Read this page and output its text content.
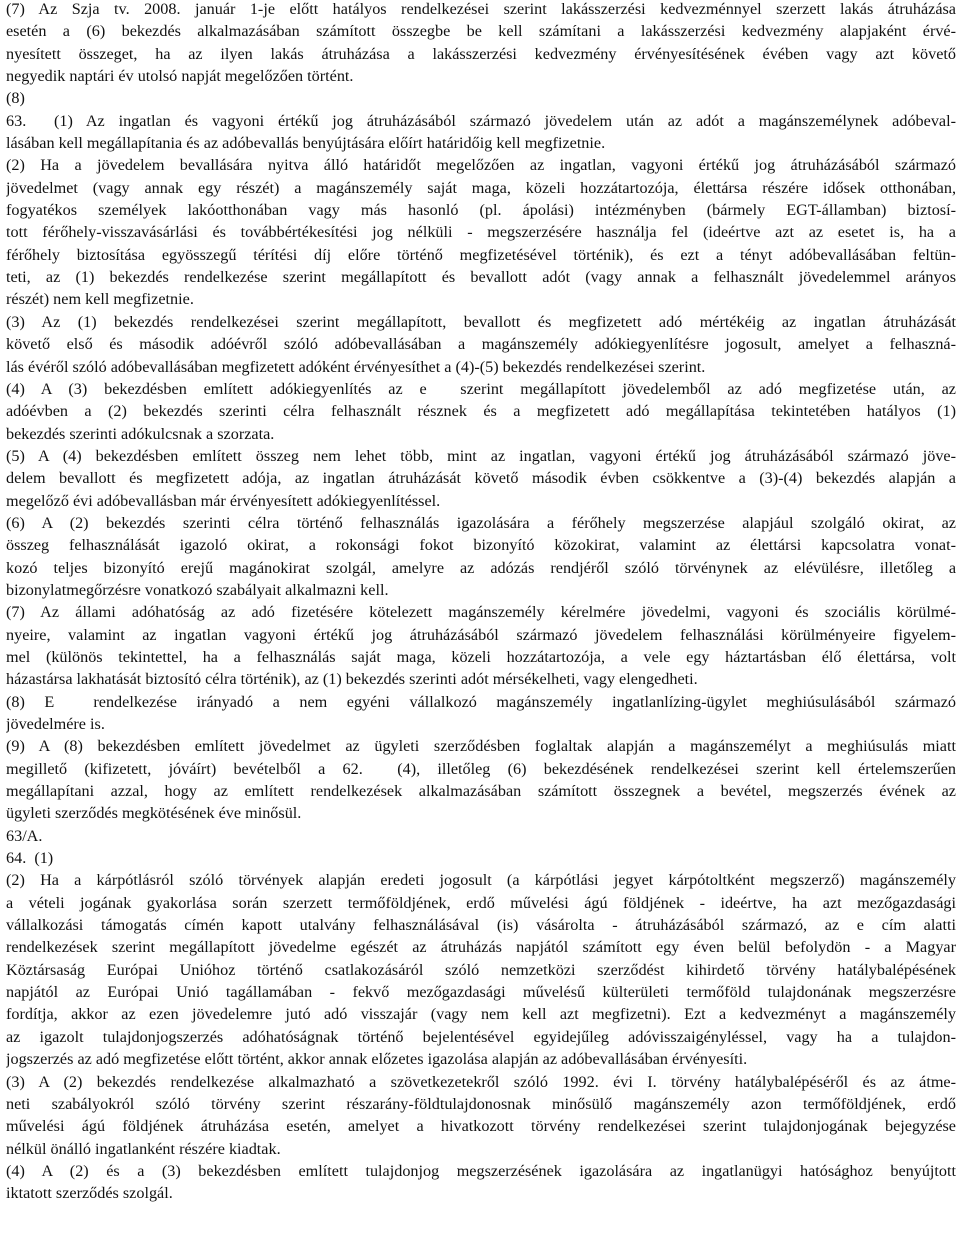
(7) Az Szja tv. 2008. január 1-je előtt hatályos rendelkezései szerint lakásszerzési kedvezménnyel szerzett lakás átruházása
esetén a (6) bekezdés alkalmazásában számított összegbe be kell számítani a lakásszerzési kedvezmény alapjaként érvé-
nyesített összeget, ha az ilyen lakás átruházása a lakásszerzési kedvezmény érvényesítésének évében vagy azt követő
negyedik naptári év utolsó napját megelőzően történt.
(8)
63.  (1) Az ingatlan és vagyoni értékű jog átruházásából származó jövedelem után az adót a magánszemélynek adóbeval-
lásában kell megállapítania és az adóbevallás benyújtására előírt határidőig kell megfizetnie.
(2) Ha a jövedelem bevallására nyitva álló határidőt megelőzően az ingatlan, vagyoni értékű jog átruházásából származó
jövedelmet (vagy annak egy részét) a magánszemély saját maga, közeli hozzátartozója, élettársa részére idősek otthonában,
fogyatékos személyek lakóotthonában vagy más hasonló (pl. ápolási) intézményben (bármely EGT-államban) biztosí-
tott férőhely-visszavásárlási és továbbértékesítési jog nélküli - megszerzésére használja fel (ideértve azt az esetet is, ha a
férőhely biztosítása egyösszegű térítési díj előre történő megfizetésével történik), és ezt a tényt adóbevallásában feltün-
teti, az (1) bekezdés rendelkezése szerint megállapított és bevallott adót (vagy annak a felhasznált jövedelemmel arányos
részét) nem kell megfizetnie.
(3) Az (1) bekezdés rendelkezései szerint megállapított, bevallott és megfizetett adó mértékéig az ingatlan átruházását
követő első és második adóévről szóló adóbevallásában a magánszemély adókiegyenlítésre jogosult, amelyet a felhaszná-
lás évéről szóló adóbevallásában megfizetett adóként érvényesíthet a (4)-(5) bekezdés rendelkezései szerint.
(4) A (3) bekezdésben említett adókiegyenlítés az e  szerint megállapított jövedelemből az adó megfizetése után, az
adóévben a (2) bekezdés szerinti célra felhasznált résznek és a megfizetett adó megállapítása tekintetében hatályos (1)
bekezdés szerinti adókulcsnak a szorzata.
(5) A (4) bekezdésben említett összeg nem lehet több, mint az ingatlan, vagyoni értékű jog átruházásából származó jöve-
delem bevallott és megfizetett adója, az ingatlan átruházását követő második évben csökkentve a (3)-(4) bekezdés alapján a
megelőző évi adóbevallásban már érvényesített adókiegyenlítéssel.
(6) A (2) bekezdés szerinti célra történő felhasználás igazolására a férőhely megszerzése alapjául szolgáló okirat, az
összeg felhasználását igazoló okirat, a rokonsági fokot bizonyító közokirat, valamint az élettársi kapcsolatra vonat-
kozó teljes bizonyító erejű magánokirat szolgál, amelyre az adózás rendjéről szóló törvénynek az elévülésre, illetőleg a
bizonylatmegőrzésre vonatkozó szabályait alkalmazni kell.
(7) Az állami adóhatóság az adó fizetésére kötelezett magánszemély kérelmére jövedelmi, vagyoni és szociális körülmé-
nyeire, valamint az ingatlan vagyoni értékű jog átruházásából származó jövedelem felhasználási körülményeire figyelem-
mel (különös tekintettel, ha a felhasználás saját maga, közeli hozzátartozója, a vele egy háztartásban élő élettársa, volt
házastársa lakhatását biztosító célra történik), az (1) bekezdés szerinti adót mérsékelheti, vagy elengedheti.
(8) E  rendelkezése irányadó a nem egyéni vállalkozó magánszemély ingatlanlízing-ügylet meghiúsulásából származó
jövedelmére is.
(9) A (8) bekezdésben említett jövedelmet az ügyleti szerződésben foglaltak alapján a magánszemélyt a meghiúsulás miatt
megillető (kifizetett, jóváírt) bevételből a 62.  (4), illetőleg (6) bekezdésének rendelkezései szerint kell értelemszerűen
megállapítani azzal, hogy az említett rendelkezések alkalmazásában számított összegnek a bevétel, megszerzés évének az
ügyleti szerződés megkötésének éve minősül.
63/A.
64.  (1)
(2) Ha a kárpótlásról szóló törvények alapján eredeti jogosult (a kárpótlási jegyet kárpótoltként megszerző) magánszemély
a vételi jogának gyakorlása során szerzett termőföldjének, erdő művelési ágú földjének - ideértve, ha azt mezőgazdasági
vállalkozási támogatás címén kapott utalvány felhasználásával (is) vásárolta - átruházásából származó, az e cím alatti
rendelkezések szerint megállapított jövedelme egészét az átruházás napjától számított egy éven belül befolydön - a Magyar
Köztársaság Európai Unióhoz történő csatlakozásáról szóló nemzetközi szerződést kihirdető törvény hatálybalépésének
napjától az Európai Unió tagállamában - fekvő mezőgazdasági művelésű külterületi termőföld tulajdonának megszerzésre
fordítja, akkor az ezen jövedelemre jutó adó visszajár (vagy nem kell azt megfizetni). Ezt a kedvezményt a magánszemély
az igazolt tulajdonjogszerzés adóhatóságnak történő bejelentésével egyidejűleg adóvisszaigényléssel, vagy ha a tulajdon-
jogszerzés az adó megfizetése előtt történt, akkor annak előzetes igazolása alapján az adóbevallásában érvényesíti.
(3) A (2) bekezdés rendelkezése alkalmazható a szövetkezetekről szóló 1992. évi I. törvény hatálybalépéséről és az átme-
neti szabályokról szóló törvény szerint részarány-földtulajdonosnak minősülő magánszemély azon termőföldjének, erdő
művelési ágú földjének átruházása esetén, amelyet a hivatkozott törvény rendelkezései szerint tulajdonjogának bejegyzése
nélkül önálló ingatlanként részére kiadtak.
(4) A (2) és a (3) bekezdésben említett tulajdonjog megszerzésének igazolására az ingatlanügyi hatósághoz benyújtott
iktatott szerződés szolgál.
